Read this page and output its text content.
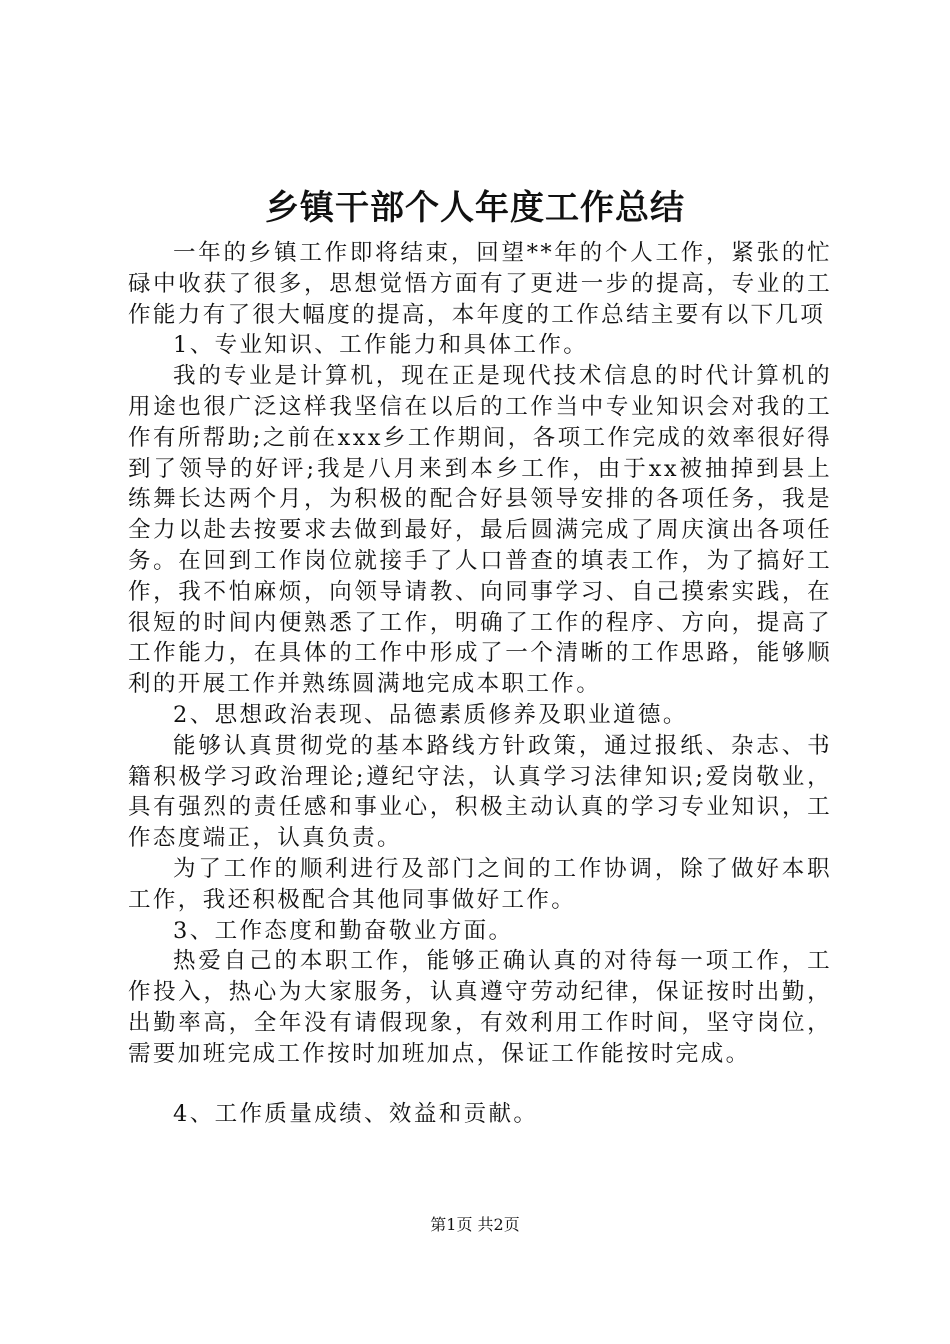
乡镇干部个人年度工作总结

一年的乡镇工作即将结束，回望**年的个人工作，紧张的忙碌中收获了很多，思想觉悟方面有了更进一步的提高，专业的工作能力有了很大幅度的提高，本年度的工作总结主要有以下几项

1、专业知识、工作能力和具体工作。

我的专业是计算机，现在正是现代技术信息的时代计算机的用途也很广泛这样我坚信在以后的工作当中专业知识会对我的工作有所帮助;之前在xxx乡工作期间，各项工作完成的效率很好得到了领导的好评;我是八月来到本乡工作，由于xx被抽掉到县上练舞长达两个月，为积极的配合好县领导安排的各项任务，我是全力以赴去按要求去做到最好，最后圆满完成了周庆演出各项任务。在回到工作岗位就接手了人口普查的填表工作，为了搞好工作，我不怕麻烦，向领导请教、向同事学习、自己摸索实践，在很短的时间内便熟悉了工作，明确了工作的程序、方向，提高了工作能力，在具体的工作中形成了一个清晰的工作思路，能够顺利的开展工作并熟练圆满地完成本职工作。

2、思想政治表现、品德素质修养及职业道德。

能够认真贯彻党的基本路线方针政策，通过报纸、杂志、书籍积极学习政治理论;遵纪守法，认真学习法律知识;爱岗敬业，具有强烈的责任感和事业心，积极主动认真的学习专业知识，工作态度端正，认真负责。

为了工作的顺利进行及部门之间的工作协调，除了做好本职工作，我还积极配合其他同事做好工作。

3、工作态度和勤奋敬业方面。

热爱自己的本职工作，能够正确认真的对待每一项工作，工作投入，热心为大家服务，认真遵守劳动纪律，保证按时出勤，出勤率高，全年没有请假现象，有效利用工作时间，坚守岗位，需要加班完成工作按时加班加点，保证工作能按时完成。

4、工作质量成绩、效益和贡献。

第1页 共2页
